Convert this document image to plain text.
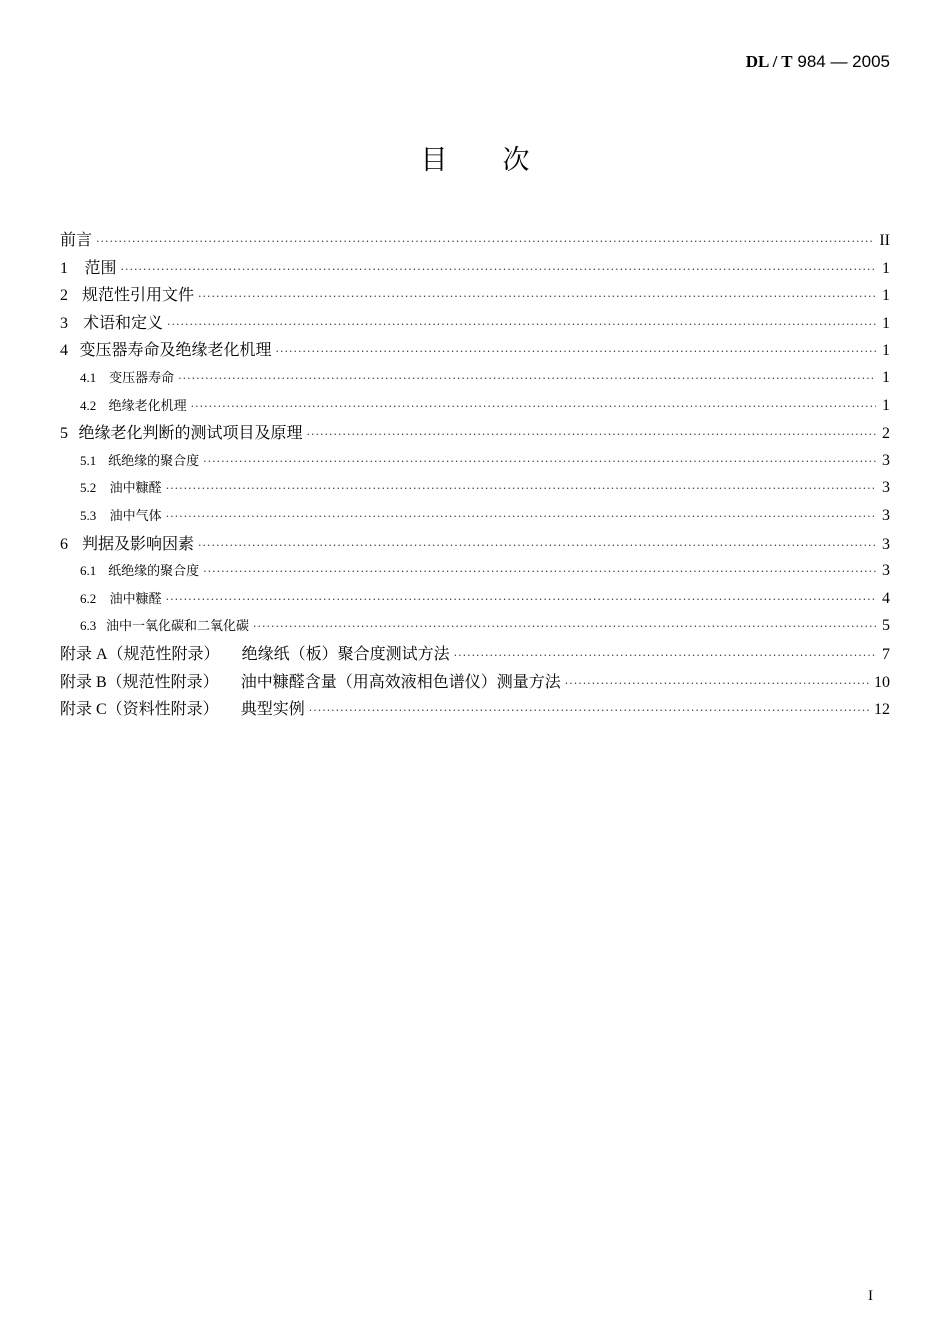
DL / T 984 — 2005
目次
前言 ·····	II
1	范围 ·····	1
2 规范性引用文件 ·····	1
3 术语和定义 ·····	1
4 变压器寿命及绝缘老化机理 ·····	1
4.1 变压器寿命 ·····	1
4.2 绝缘老化机理 ·····	1
5 绝缘老化判断的测试项目及原理 ·····	2
5.1 纸绝缘的聚合度 ·····	3
5.2	油中糠醛 ·····	3
5.3	油中气体 ·····	3
6 判据及影响因素 ·····	3
6.1 纸绝缘的聚合度 ·····	3
6.2	油中糠醛 ·····	4
6.3 油中一氧化碳和二氧化碳 ·····	5
附录 A（规范性附录） 绝缘纸（板）聚合度测试方法 ·····	7
附录 B（规范性附录） 油中糠醛含量（用高效液相色谱仪）测量方法 ·····	10
附录 C（资料性附录） 典型实例 ·····	12
I
